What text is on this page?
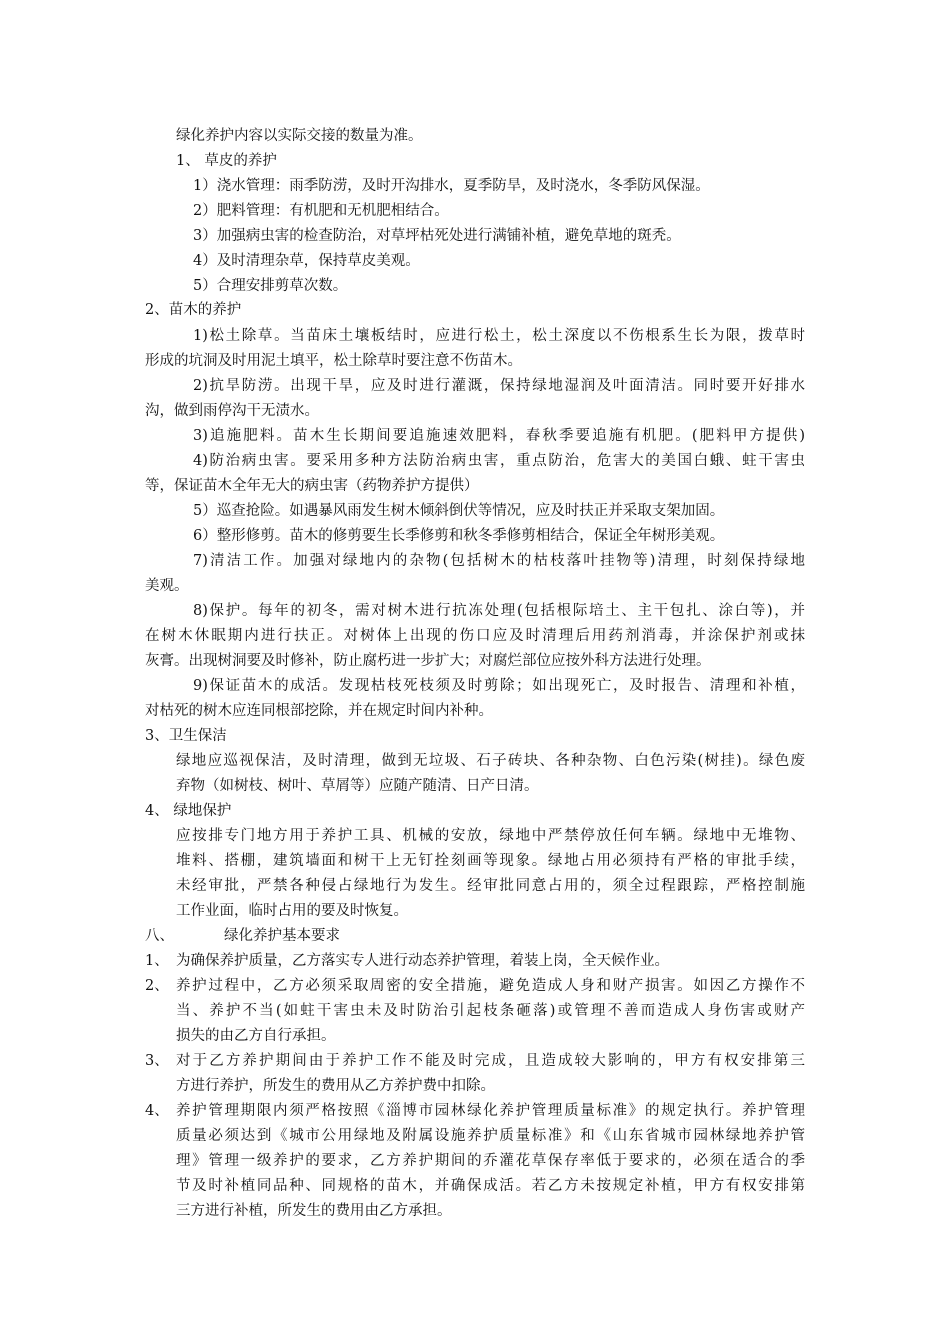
绿化养护内容以实际交接的数量为准。

1、 草皮的养护

1）浇水管理：雨季防涝，及时开沟排水，夏季防旱，及时浇水，冬季防风保湿。

2）肥料管理：有机肥和无机肥相结合。

3）加强病虫害的检查防治，对草坪枯死处进行满铺补植，避免草地的斑秃。

4）及时清理杂草，保持草皮美观。

5）合理安排剪草次数。

2、苗木的养护

1)松土除草。当苗床土壤板结时，应进行松土，松土深度以不伤根系生长为限，拨草时

形成的坑洞及时用泥土填平，松土除草时要注意不伤苗木。

2)抗旱防涝。出现干旱，应及时进行灌溉，保持绿地湿润及叶面清洁。同时要开好排水

沟，做到雨停沟干无渍水。

3)追施肥料。苗木生长期间要追施速效肥料，春秋季要追施有机肥。(肥料甲方提供)

4)防治病虫害。要采用多种方法防治病虫害，重点防治，危害大的美国白蛾、蛀干害虫

等，保证苗木全年无大的病虫害（药物养护方提供）

5）巡查抢险。如遇暴风雨发生树木倾斜倒伏等情况，应及时扶正并采取支架加固。

6）整形修剪。苗木的修剪要生长季修剪和秋冬季修剪相结合，保证全年树形美观。

7)清洁工作。加强对绿地内的杂物(包括树木的枯枝落叶挂物等)清理，时刻保持绿地

美观。

8)保护。每年的初冬，需对树木进行抗冻处理(包括根际培土、主干包扎、涂白等)，并

在树木休眠期内进行扶正。对树体上出现的伤口应及时清理后用药剂消毒，并涂保护剂或抹

灰膏。出现树洞要及时修补，防止腐朽进一步扩大；对腐烂部位应按外科方法进行处理。

9)保证苗木的成活。发现枯枝死枝须及时剪除；如出现死亡，及时报告、清理和补植，

对枯死的树木应连同根部挖除，并在规定时间内补种。

3、卫生保洁

绿地应巡视保洁，及时清理，做到无垃圾、石子砖块、各种杂物、白色污染(树挂)。绿色废

弃物（如树枝、树叶、草屑等）应随产随清、日产日清。

4、 绿地保护

应按排专门地方用于养护工具、机械的安放，绿地中严禁停放任何车辆。绿地中无堆物、

堆料、搭棚，建筑墙面和树干上无钉拴刻画等现象。绿地占用必须持有严格的审批手续，

未经审批，严禁各种侵占绿地行为发生。经审批同意占用的，须全过程跟踪，严格控制施

工作业面，临时占用的要及时恢复。

八、	绿化养护基本要求

1、 为确保养护质量，乙方落实专人进行动态养护管理，着装上岗，全天候作业。

2、 养护过程中，乙方必须采取周密的安全措施，避免造成人身和财产损害。如因乙方操作不

当、养护不当(如蛀干害虫未及时防治引起枝条砸落)或管理不善而造成人身伤害或财产

损失的由乙方自行承担。

3、 对于乙方养护期间由于养护工作不能及时完成，且造成较大影响的，甲方有权安排第三

方进行养护，所发生的费用从乙方养护费中扣除。

4、 养护管理期限内须严格按照《淄博市园林绿化养护管理质量标准》的规定执行。养护管理

质量必须达到《城市公用绿地及附属设施养护质量标准》和《山东省城市园林绿地养护管

理》管理一级养护的要求，乙方养护期间的乔灌花草保存率低于要求的，必须在适合的季

节及时补植同品种、同规格的苗木，并确保成活。若乙方未按规定补植，甲方有权安排第

三方进行补植，所发生的费用由乙方承担。
